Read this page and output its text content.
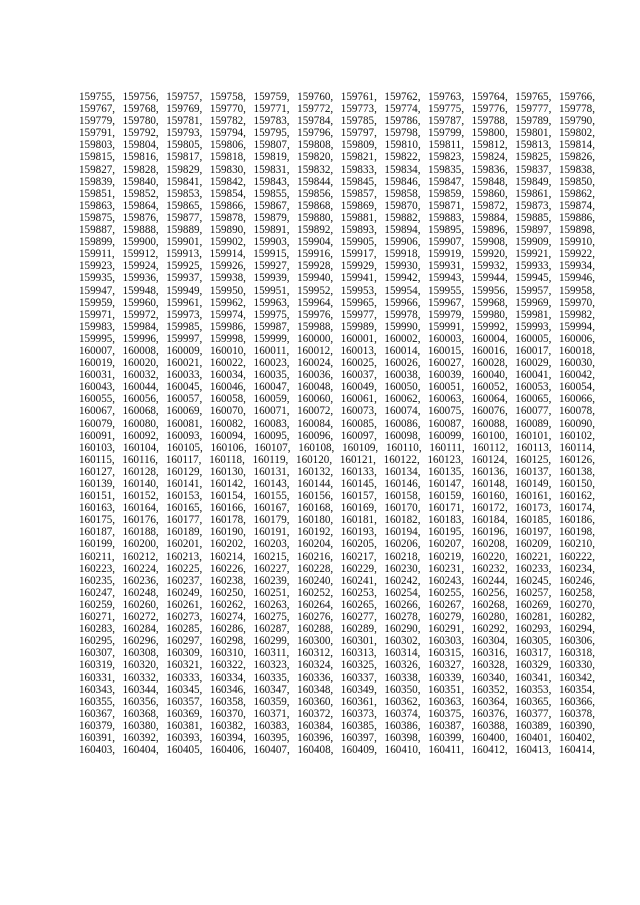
159755, 159756, 159757, 159758, 159759, 159760, 159761, 159762, 159763, 159764, 159765, 159766,
159767, 159768, 159769, 159770, 159771, 159772, 159773, 159774, 159775, 159776, 159777, 159778,
159779, 159780, 159781, 159782, 159783, 159784, 159785, 159786, 159787, 159788, 159789, 159790,
159791, 159792, 159793, 159794, 159795, 159796, 159797, 159798, 159799, 159800, 159801, 159802,
159803, 159804, 159805, 159806, 159807, 159808, 159809, 159810, 159811, 159812, 159813, 159814,
159815, 159816, 159817, 159818, 159819, 159820, 159821, 159822, 159823, 159824, 159825, 159826,
159827, 159828, 159829, 159830, 159831, 159832, 159833, 159834, 159835, 159836, 159837, 159838,
159839, 159840, 159841, 159842, 159843, 159844, 159845, 159846, 159847, 159848, 159849, 159850,
159851, 159852, 159853, 159854, 159855, 159856, 159857, 159858, 159859, 159860, 159861, 159862,
159863, 159864, 159865, 159866, 159867, 159868, 159869, 159870, 159871, 159872, 159873, 159874,
159875, 159876, 159877, 159878, 159879, 159880, 159881, 159882, 159883, 159884, 159885, 159886,
159887, 159888, 159889, 159890, 159891, 159892, 159893, 159894, 159895, 159896, 159897, 159898,
159899, 159900, 159901, 159902, 159903, 159904, 159905, 159906, 159907, 159908, 159909, 159910,
159911, 159912, 159913, 159914, 159915, 159916, 159917, 159918, 159919, 159920, 159921, 159922,
159923, 159924, 159925, 159926, 159927, 159928, 159929, 159930, 159931, 159932, 159933, 159934,
159935, 159936, 159937, 159938, 159939, 159940, 159941, 159942, 159943, 159944, 159945, 159946,
159947, 159948, 159949, 159950, 159951, 159952, 159953, 159954, 159955, 159956, 159957, 159958,
159959, 159960, 159961, 159962, 159963, 159964, 159965, 159966, 159967, 159968, 159969, 159970,
159971, 159972, 159973, 159974, 159975, 159976, 159977, 159978, 159979, 159980, 159981, 159982,
159983, 159984, 159985, 159986, 159987, 159988, 159989, 159990, 159991, 159992, 159993, 159994,
159995, 159996, 159997, 159998, 159999, 160000, 160001, 160002, 160003, 160004, 160005, 160006,
160007, 160008, 160009, 160010, 160011, 160012, 160013, 160014, 160015, 160016, 160017, 160018,
160019, 160020, 160021, 160022, 160023, 160024, 160025, 160026, 160027, 160028, 160029, 160030,
160031, 160032, 160033, 160034, 160035, 160036, 160037, 160038, 160039, 160040, 160041, 160042,
160043, 160044, 160045, 160046, 160047, 160048, 160049, 160050, 160051, 160052, 160053, 160054,
160055, 160056, 160057, 160058, 160059, 160060, 160061, 160062, 160063, 160064, 160065, 160066,
160067, 160068, 160069, 160070, 160071, 160072, 160073, 160074, 160075, 160076, 160077, 160078,
160079, 160080, 160081, 160082, 160083, 160084, 160085, 160086, 160087, 160088, 160089, 160090,
160091, 160092, 160093, 160094, 160095, 160096, 160097, 160098, 160099, 160100, 160101, 160102,
160103, 160104, 160105, 160106, 160107, 160108, 160109, 160110, 160111, 160112, 160113, 160114,
160115, 160116, 160117, 160118, 160119, 160120, 160121, 160122, 160123, 160124, 160125, 160126,
160127, 160128, 160129, 160130, 160131, 160132, 160133, 160134, 160135, 160136, 160137, 160138,
160139, 160140, 160141, 160142, 160143, 160144, 160145, 160146, 160147, 160148, 160149, 160150,
160151, 160152, 160153, 160154, 160155, 160156, 160157, 160158, 160159, 160160, 160161, 160162,
160163, 160164, 160165, 160166, 160167, 160168, 160169, 160170, 160171, 160172, 160173, 160174,
160175, 160176, 160177, 160178, 160179, 160180, 160181, 160182, 160183, 160184, 160185, 160186,
160187, 160188, 160189, 160190, 160191, 160192, 160193, 160194, 160195, 160196, 160197, 160198,
160199, 160200, 160201, 160202, 160203, 160204, 160205, 160206, 160207, 160208, 160209, 160210,
160211, 160212, 160213, 160214, 160215, 160216, 160217, 160218, 160219, 160220, 160221, 160222,
160223, 160224, 160225, 160226, 160227, 160228, 160229, 160230, 160231, 160232, 160233, 160234,
160235, 160236, 160237, 160238, 160239, 160240, 160241, 160242, 160243, 160244, 160245, 160246,
160247, 160248, 160249, 160250, 160251, 160252, 160253, 160254, 160255, 160256, 160257, 160258,
160259, 160260, 160261, 160262, 160263, 160264, 160265, 160266, 160267, 160268, 160269, 160270,
160271, 160272, 160273, 160274, 160275, 160276, 160277, 160278, 160279, 160280, 160281, 160282,
160283, 160284, 160285, 160286, 160287, 160288, 160289, 160290, 160291, 160292, 160293, 160294,
160295, 160296, 160297, 160298, 160299, 160300, 160301, 160302, 160303, 160304, 160305, 160306,
160307, 160308, 160309, 160310, 160311, 160312, 160313, 160314, 160315, 160316, 160317, 160318,
160319, 160320, 160321, 160322, 160323, 160324, 160325, 160326, 160327, 160328, 160329, 160330,
160331, 160332, 160333, 160334, 160335, 160336, 160337, 160338, 160339, 160340, 160341, 160342,
160343, 160344, 160345, 160346, 160347, 160348, 160349, 160350, 160351, 160352, 160353, 160354,
160355, 160356, 160357, 160358, 160359, 160360, 160361, 160362, 160363, 160364, 160365, 160366,
160367, 160368, 160369, 160370, 160371, 160372, 160373, 160374, 160375, 160376, 160377, 160378,
160379, 160380, 160381, 160382, 160383, 160384, 160385, 160386, 160387, 160388, 160389, 160390,
160391, 160392, 160393, 160394, 160395, 160396, 160397, 160398, 160399, 160400, 160401, 160402,
160403, 160404, 160405, 160406, 160407, 160408, 160409, 160410, 160411, 160412, 160413, 160414,
